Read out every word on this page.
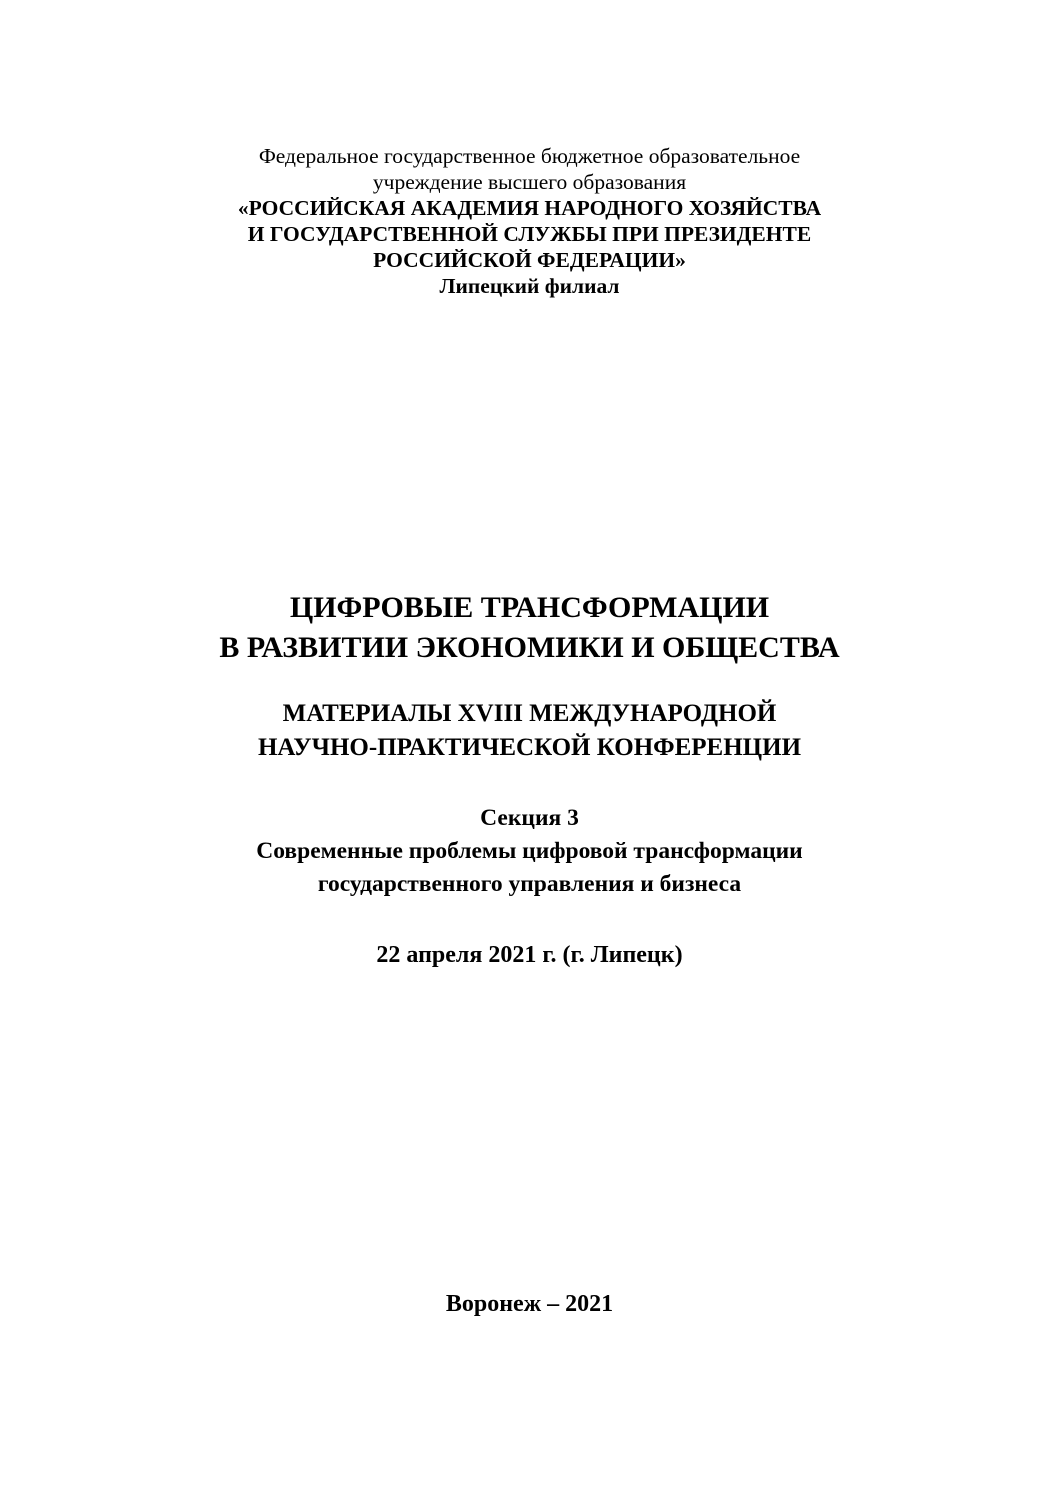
Федеральное государственное бюджетное образовательное
учреждение высшего образования
«РОССИЙСКАЯ АКАДЕМИЯ НАРОДНОГО ХОЗЯЙСТВА
И ГОСУДАРСТВЕННОЙ СЛУЖБЫ ПРИ ПРЕЗИДЕНТЕ
РОССИЙСКОЙ ФЕДЕРАЦИИ»
Липецкий филиал
ЦИФРОВЫЕ ТРАНСФОРМАЦИИ
В РАЗВИТИИ ЭКОНОМИКИ И ОБЩЕСТВА
МАТЕРИАЛЫ XVIII МЕЖДУНАРОДНОЙ
НАУЧНО-ПРАКТИЧЕСКОЙ КОНФЕРЕНЦИИ
Секция 3
Современные проблемы цифровой трансформации
государственного управления и бизнеса
22 апреля 2021 г. (г. Липецк)
Воронеж – 2021
